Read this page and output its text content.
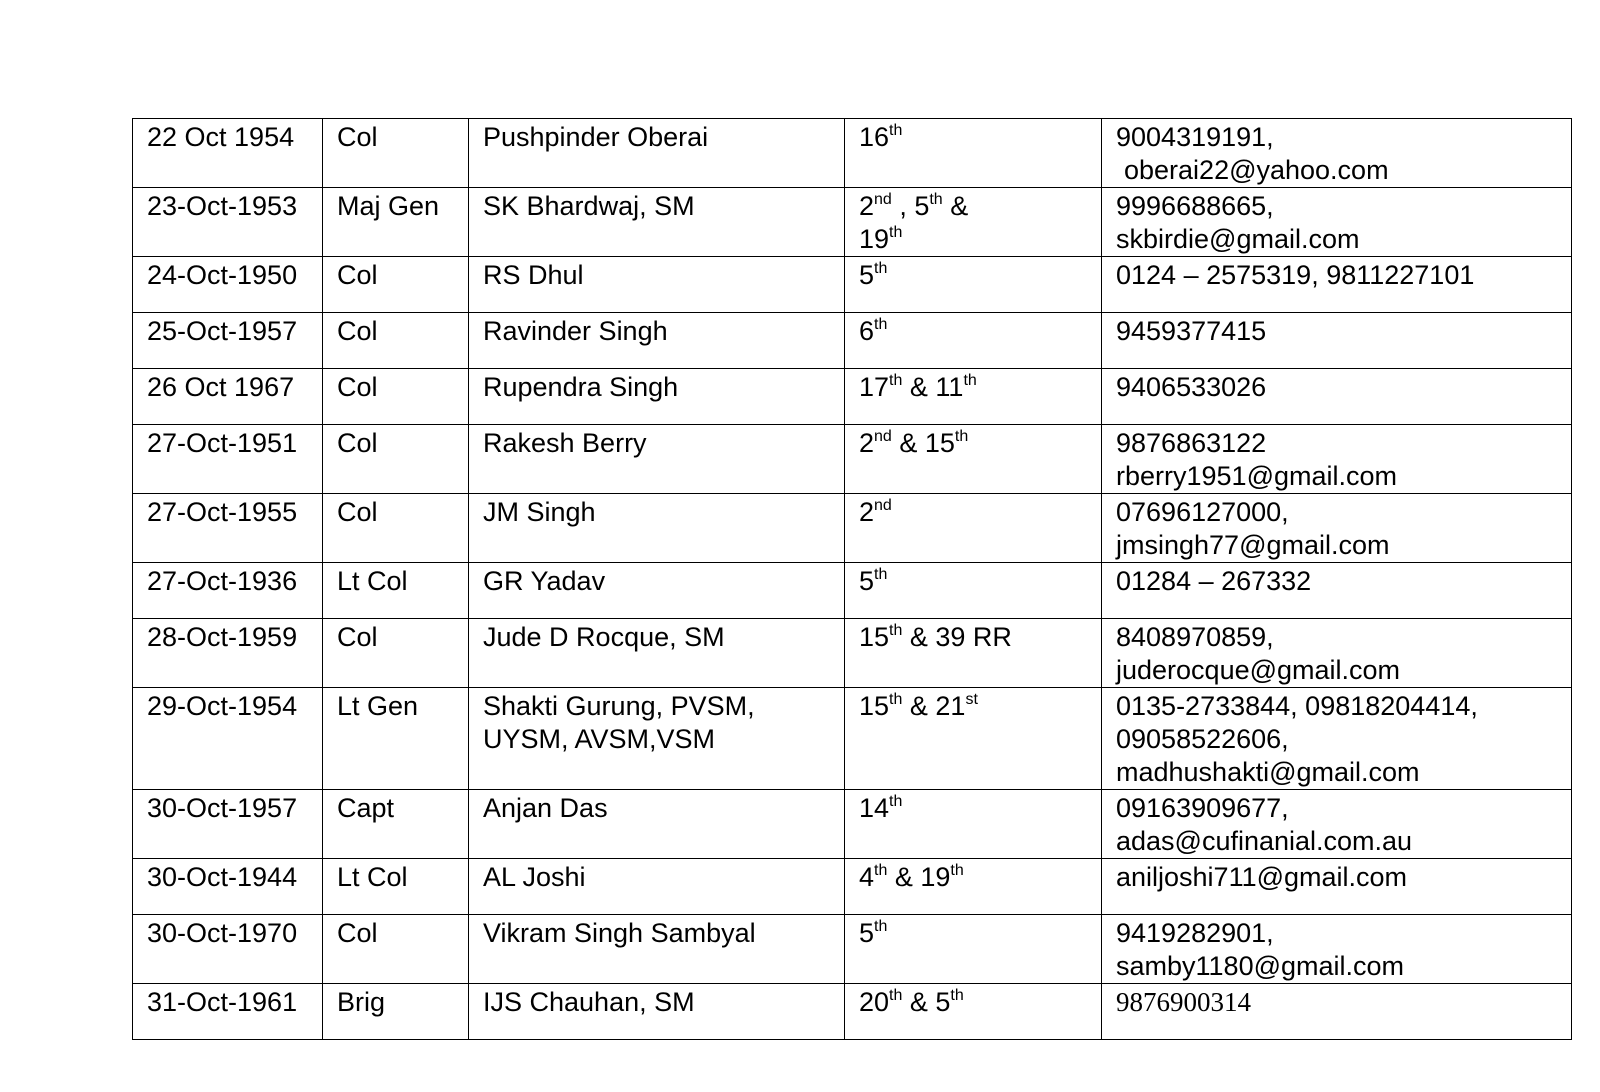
22 Oct 1954	Col	Pushpinder Oberai	16th	9004319191,
oberai22@yahoo.com

23-Oct-1953	Maj Gen	SK Bhardwaj, SM	2nd , 5th &
19th	9996688665,
skbirdie@gmail.com

24-Oct-1950	Col	RS Dhul	5th	0124 – 2575319, 9811227101

25-Oct-1957	Col	Ravinder Singh	6th	9459377415

26 Oct 1967	Col	Rupendra Singh	17th & 11th	9406533026

27-Oct-1951	Col	Rakesh Berry	2nd & 15th	9876863122
rberry1951@gmail.com

27-Oct-1955	Col	JM Singh	2nd	07696127000,
jmsingh77@gmail.com

27-Oct-1936	Lt Col	GR Yadav	5th	01284 – 267332

28-Oct-1959	Col	Jude D Rocque, SM	15th & 39 RR	8408970859,
juderocque@gmail.com

29-Oct-1954	Lt Gen	Shakti Gurung, PVSM,
UYSM, AVSM,VSM	15th & 21st	0135-2733844, 09818204414,
09058522606,
madhushakti@gmail.com

30-Oct-1957	Capt	Anjan Das	14th	09163909677,
adas@cufinanial.com.au

30-Oct-1944	Lt Col	AL Joshi	4th & 19th	aniljoshi711@gmail.com

30-Oct-1970	Col	Vikram Singh Sambyal	5th	9419282901,
samby1180@gmail.com

31-Oct-1961	Brig	IJS Chauhan, SM	20th & 5th	9876900314
